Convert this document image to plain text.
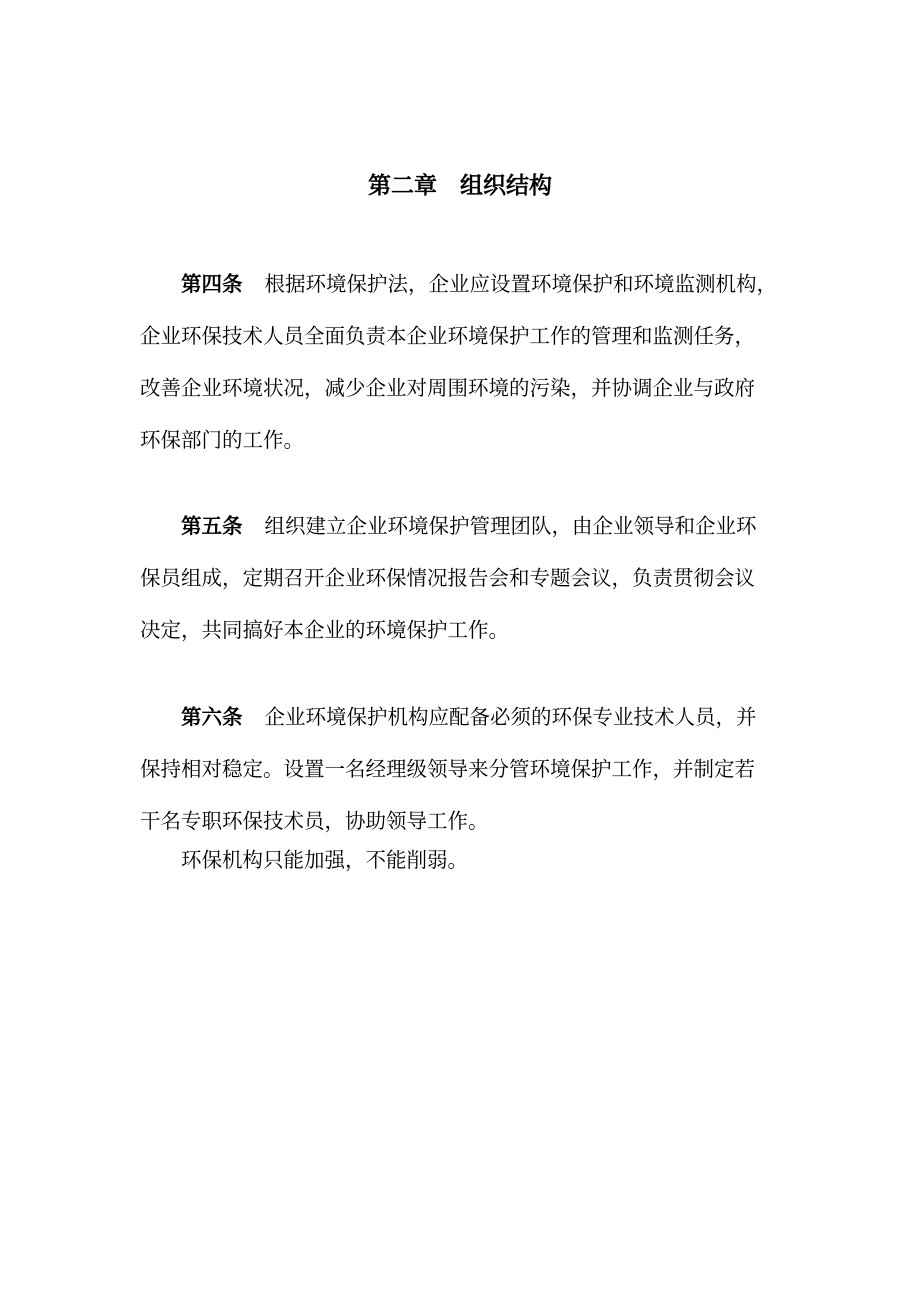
第二章　组织结构
第四条 根据环境保护法，企业应设置环境保护和环境监测机构，
企业环保技术人员全面负责本企业环境保护工作的管理和监测任务，
改善企业环境状况，减少企业对周围环境的污染，并协调企业与政府
环保部门的工作。
第五条 组织建立企业环境保护管理团队，由企业领导和企业环
保员组成，定期召开企业环保情况报告会和专题会议，负责贯彻会议
决定，共同搞好本企业的环境保护工作。
第六条 企业环境保护机构应配备必须的环保专业技术人员，并
保持相对稳定。设置一名经理级领导来分管环境保护工作，并制定若
干名专职环保技术员，协助领导工作。
环保机构只能加强，不能削弱。
